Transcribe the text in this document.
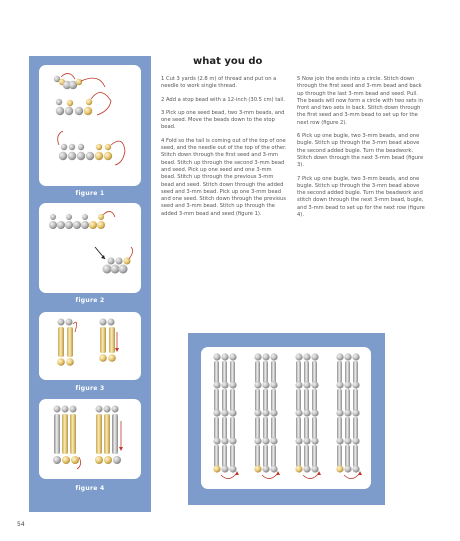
figure 1
figure 2
figure 3
figure 4
what you do

1 Cut 3 yards (2.8 m) of thread and put on a needle to work single thread.

2 Add a stop bead with a 12-inch (30.5 cm) tail.

3 Pick up one seed bead, two 3-mm beads, and one seed. Move the beads down to the stop bead.

4 Fold so the tail is coming out of the top of one seed, and the needle out of the top of the other. Stitch down through the first seed and 3-mm bead. Stitch up through the second 3-mm bead and seed. Pick up one seed and one 3-mm bead. Stitch up through the previous 3-mm bead and seed. Stitch down through the added seed and 3-mm bead. Pick up one 3-mm bead and one seed. Stitch down through the previous seed and 3-mm bead. Stitch up through the added 3-mm bead and seed (figure 1).

5 Now join the ends into a circle. Stitch down through the first seed and 3-mm bead and back up through the last 3-mm bead and seed. Pull. The beads will now form a circle with two sets in front and two sets in back. Stitch down through the first seed and 3-mm bead to set up for the next row (figure 2).

6 Pick up one bugle, two 3-mm beads, and one bugle. Stitch up through the 3-mm bead above the second added bugle. Turn the beadwork. Stitch down through the next 3-mm bead (figure 3).

7 Pick up one bugle, two 3-mm beads, and one bugle. Stitch up through the 3-mm bead above the second added bugle. Turn the beadwork and stitch down through the next 3-mm bead, bugle, and 3-mm bead to set up for the next row (figure 4).

54
